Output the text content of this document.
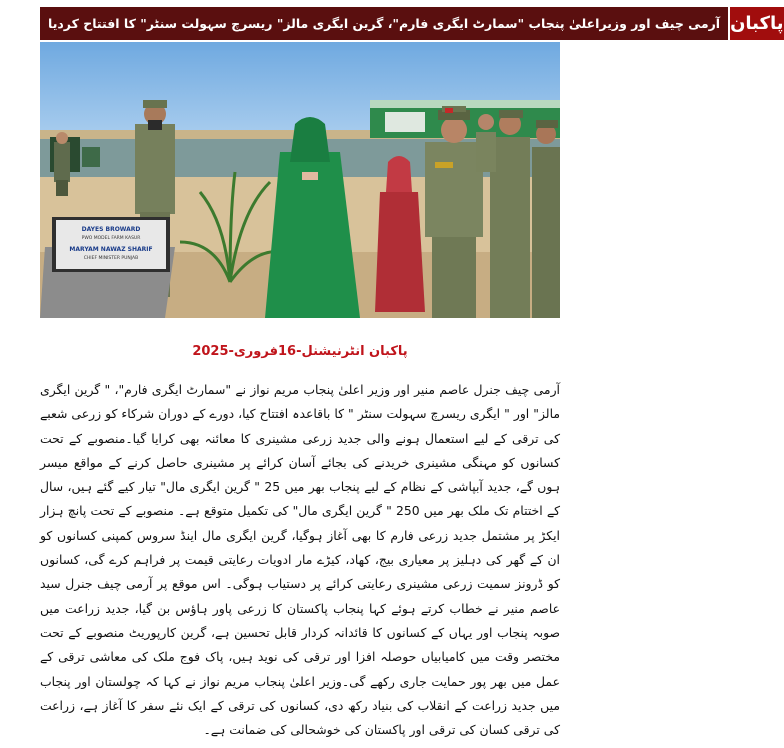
آرمی چیف اور وزیراعلیٰ پنجاب "سمارٹ ایگری فارم"، گرین ایگری مالز" ریسرچ سہولت سنٹر" کا افتتاح کردیا پاکبان
DAYES BROWARD
PWO MODEL FARM KASUR
MARYAM NAWAZ SHARIF
CHIEF MINISTER PUNJAB
پاکبان انٹرنیشنل-16فروری-2025

آرمی چیف جنرل عاصم منیر اور وزیر اعلیٰ پنجاب مریم نواز نے "سمارٹ ایگری فارم"، " گرین ایگری مالز" اور " ایگری ریسرچ سہولت سنٹر " کا باقاعدہ افتتاح کیا، دورے کے دوران شرکاء کو زرعی شعبے کی ترقی کے لیے استعمال ہونے والی جدید زرعی مشینری کا معائنہ بھی کرایا گیا۔منصوبے کے تحت کسانوں کو مہنگی مشینری خریدنے کی بجائے آسان کرائے پر مشینری حاصل کرنے کے مواقع میسر ہوں گے، جدید آبپاشی کے نظام کے لیے پنجاب بھر میں 25 " گرین ایگری مال" تیار کیے گئے ہیں، سال کے اختتام تک ملک بھر میں 250 " گرین ایگری مال" کی تکمیل متوقع ہے۔ منصوبے کے تحت پانچ ہزار ایکڑ پر مشتمل جدید زرعی فارم کا بھی آغاز ہوگیا، گرین ایگری مال اینڈ سروس کمپنی کسانوں کو ان کے گھر کی دہلیز پر معیاری بیج، کھاد، کیڑے مار ادویات رعایتی قیمت پر فراہم کرے گی، کسانوں کو ڈرونز سمیت زرعی مشینری رعایتی کرائے پر دستیاب ہوگی۔ اس موقع پر آرمی چیف جنرل سید عاصم منیر نے خطاب کرتے ہوئے کہا پنجاب پاکستان کا زرعی پاور ہاؤس بن گیا، جدید زراعت میں صوبہ پنجاب اور یہاں کے کسانوں کا قائدانہ کردار قابل تحسین ہے، گرین کارپوریٹ منصوبے کے تحت مختصر وقت میں کامیابیاں حوصلہ افزا اور ترقی کی نوید ہیں، پاک فوج ملک کی معاشی ترقی کے عمل میں بھر پور حمایت جاری رکھے گی۔وزیر اعلیٰ پنجاب مریم نواز نے کہا کہ چولستان اور پنجاب میں جدید زراعت کے انقلاب کی بنیاد رکھ دی، کسانوں کی ترقی کے ایک نئے سفر کا آغاز ہے، زراعت کی ترقی کسان کی ترقی اور پاکستان کی خوشحالی کی ضمانت ہے۔
